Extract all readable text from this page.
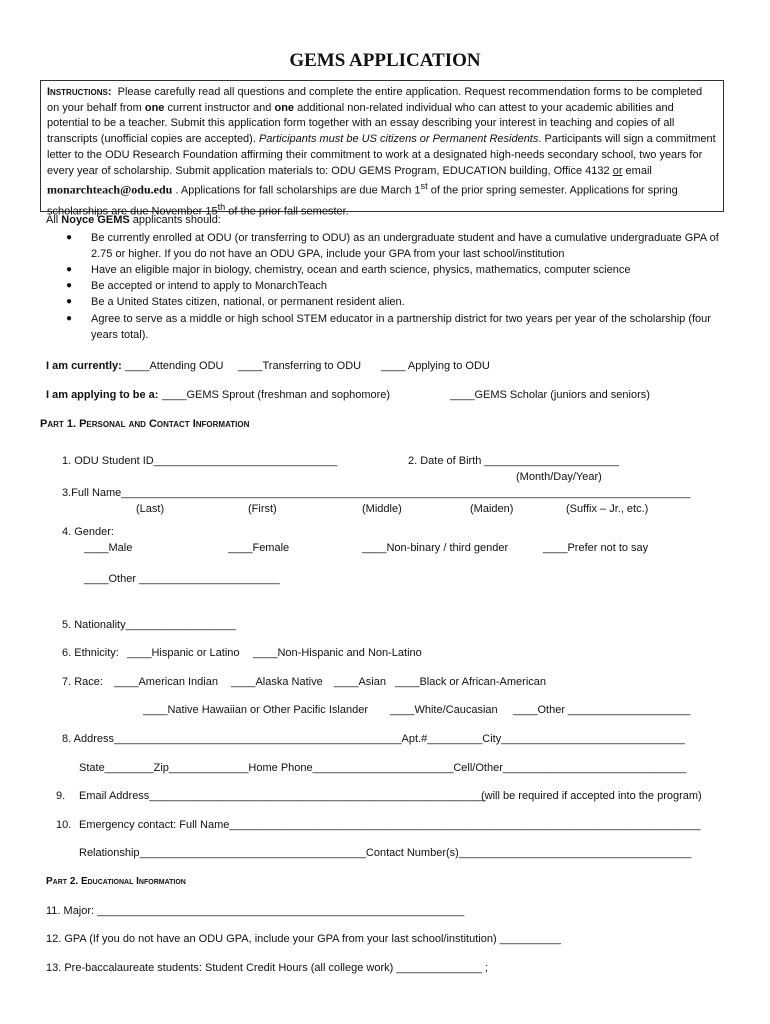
GEMS APPLICATION
Instructions: Please carefully read all questions and complete the entire application. Request recommendation forms to be completed on your behalf from one current instructor and one additional non-related individual who can attest to your academic abilities and potential to be a teacher. Submit this application form together with an essay describing your interest in teaching and copies of all transcripts (unofficial copies are accepted). Participants must be US citizens or Permanent Residents. Participants will sign a commitment letter to the ODU Research Foundation affirming their commitment to work at a designated high-needs secondary school, two years for every year of scholarship. Submit application materials to: ODU GEMS Program, EDUCATION building, Office 4132 or email monarchteach@odu.edu . Applications for fall scholarships are due March 1st of the prior spring semester. Applications for spring scholarships are due November 15th of the prior fall semester.
All Noyce GEMS applicants should:
● Be currently enrolled at ODU (or transferring to ODU) as an undergraduate student and have a cumulative undergraduate GPA of 2.75 or higher. If you do not have an ODU GPA, include your GPA from your last school/institution
● Have an eligible major in biology, chemistry, ocean and earth science, physics, mathematics, computer science
● Be accepted or intend to apply to MonarchTeach
● Be a United States citizen, national, or permanent resident alien.
● Agree to serve as a middle or high school STEM educator in a partnership district for two years per year of the scholarship (four years total).
I am currently: ____Attending ODU ____Transferring to ODU ____ Applying to ODU
I am applying to be a: ____GEMS Sprout (freshman and sophomore)	____GEMS Scholar (juniors and seniors)
Part 1. Personal and Contact Information
1. ODU Student ID______________________________	2. Date of Birth ______________________
(Month/Day/Year)
3.Full Name_____________________________________________________________________________________________
(Last)	(First)	(Middle)	(Maiden)	(Suffix – Jr., etc.)
4. Gender:
____Male	____Female	____Non-binary / third gender	____Prefer not to say
____Other _______________________
5. Nationality__________________
6. Ethnicity: ____Hispanic or Latino ____Non-Hispanic and Non-Latino
7. Race: ____American Indian ____Alaska Native ____Asian ____Black or African-American
____Native Hawaiian or Other Pacific Islander ____White/Caucasian ____Other ____________________
8. Address_______________________________________________Apt.#_________City______________________________
State________Zip_____________Home Phone_______________________Cell/Other______________________________
9. Email Address_______________________________________________________
(will be required if accepted into the program)
10. Emergency contact: Full Name_____________________________________________________________________________
Relationship_____________________________________Contact Number(s)______________________________________
Part 2. Educational Information
11. Major: ____________________________________________________________
12. GPA (If you do not have an ODU GPA, include your GPA from your last school/institution) __________
13. Pre-baccalaureate students: Student Credit Hours (all college work) ______________ ;
